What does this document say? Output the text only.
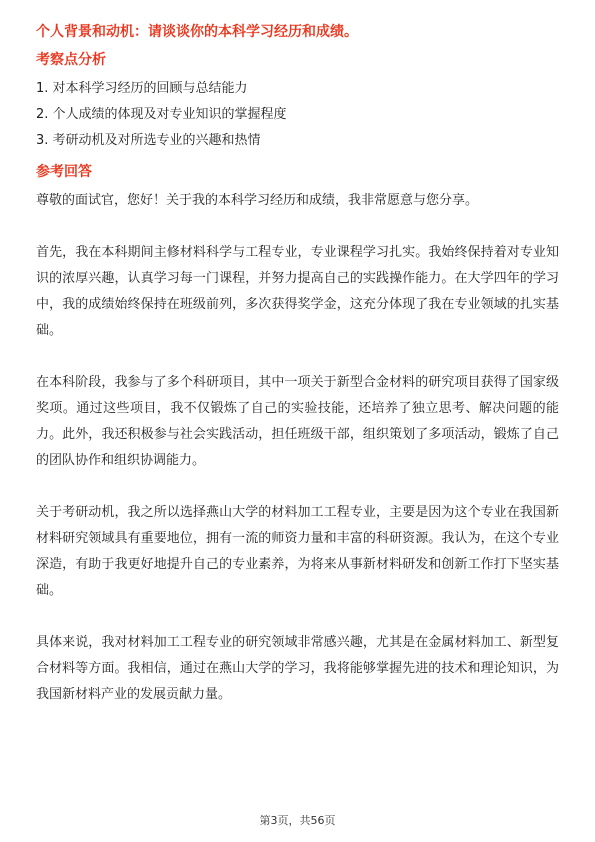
个人背景和动机：请谈谈你的本科学习经历和成绩。
考察点分析
1. 对本科学习经历的回顾与总结能力
2. 个人成绩的体现及对专业知识的掌握程度
3. 考研动机及对所选专业的兴趣和热情
参考回答

尊敬的面试官，您好！关于我的本科学习经历和成绩，我非常愿意与您分享。

首先，我在本科期间主修材料科学与工程专业，专业课程学习扎实。我始终保持着对专业知识的浓厚兴趣，认真学习每一门课程，并努力提高自己的实践操作能力。在大学四年的学习中，我的成绩始终保持在班级前列，多次获得奖学金，这充分体现了我在专业领域的扎实基础。

在本科阶段，我参与了多个科研项目，其中一项关于新型合金材料的研究项目获得了国家级奖项。通过这些项目，我不仅锻炼了自己的实验技能，还培养了独立思考、解决问题的能力。此外，我还积极参与社会实践活动，担任班级干部，组织策划了多项活动，锻炼了自己的团队协作和组织协调能力。

关于考研动机，我之所以选择燕山大学的材料加工工程专业，主要是因为这个专业在我国新材料研究领域具有重要地位，拥有一流的师资力量和丰富的科研资源。我认为，在这个专业深造，有助于我更好地提升自己的专业素养，为将来从事新材料研发和创新工作打下坚实基础。

具体来说，我对材料加工工程专业的研究领域非常感兴趣，尤其是在金属材料加工、新型复合材料等方面。我相信，通过在燕山大学的学习，我将能够掌握先进的技术和理论知识，为我国新材料产业的发展贡献力量。

第3页，共56页
